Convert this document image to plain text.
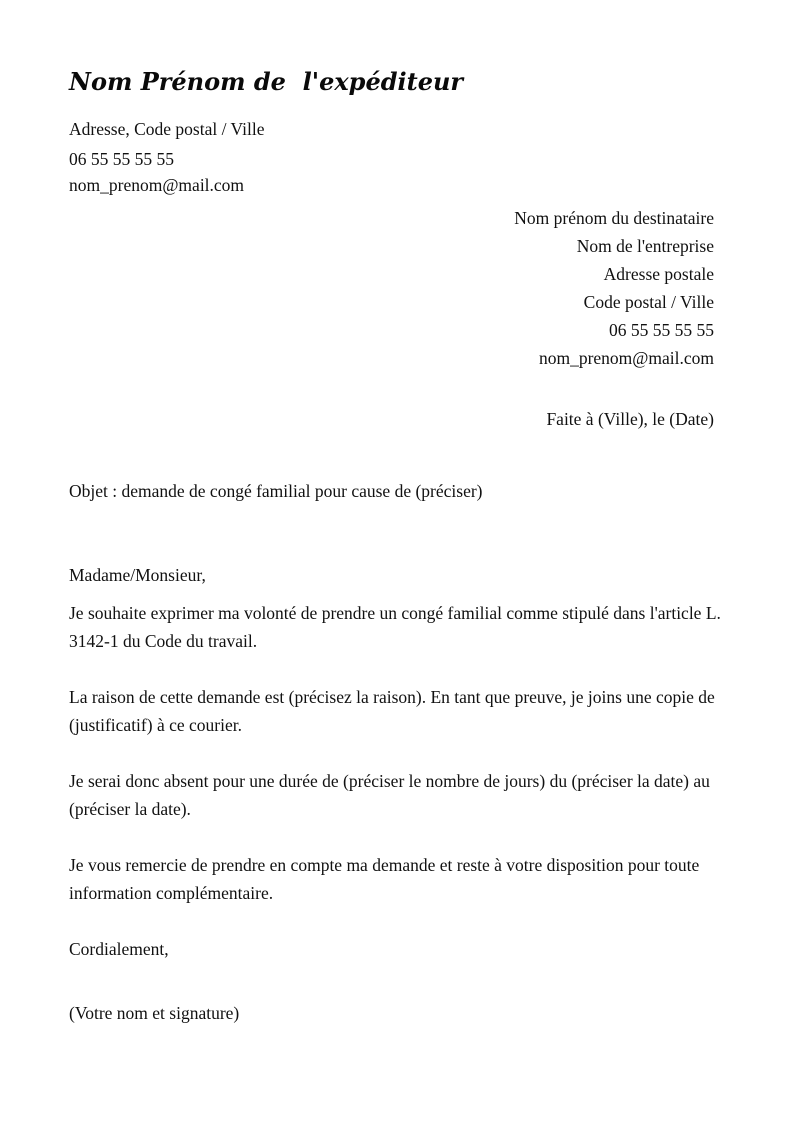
Nom Prénom de  l'expéditeur
Adresse, Code postal / Ville
06 55 55 55 55
nom_prenom@mail.com
Nom prénom du destinataire
Nom de l'entreprise
Adresse postale
Code postal / Ville
06 55 55 55 55
nom_prenom@mail.com
Faite à (Ville), le (Date)
Objet : demande de congé familial pour cause de (préciser)
Madame/Monsieur,

Je souhaite exprimer ma volonté de prendre un congé familial comme stipulé dans l'article L. 3142-1 du Code du travail.

La raison de cette demande est (précisez la raison). En tant que preuve, je joins une copie de (justificatif) à ce courier.

Je serai donc absent pour une durée de (préciser le nombre de jours) du (préciser la date) au (préciser la date).

Je vous remercie de prendre en compte ma demande et reste à votre disposition pour toute information complémentaire.

Cordialement,
(Votre nom et signature)
